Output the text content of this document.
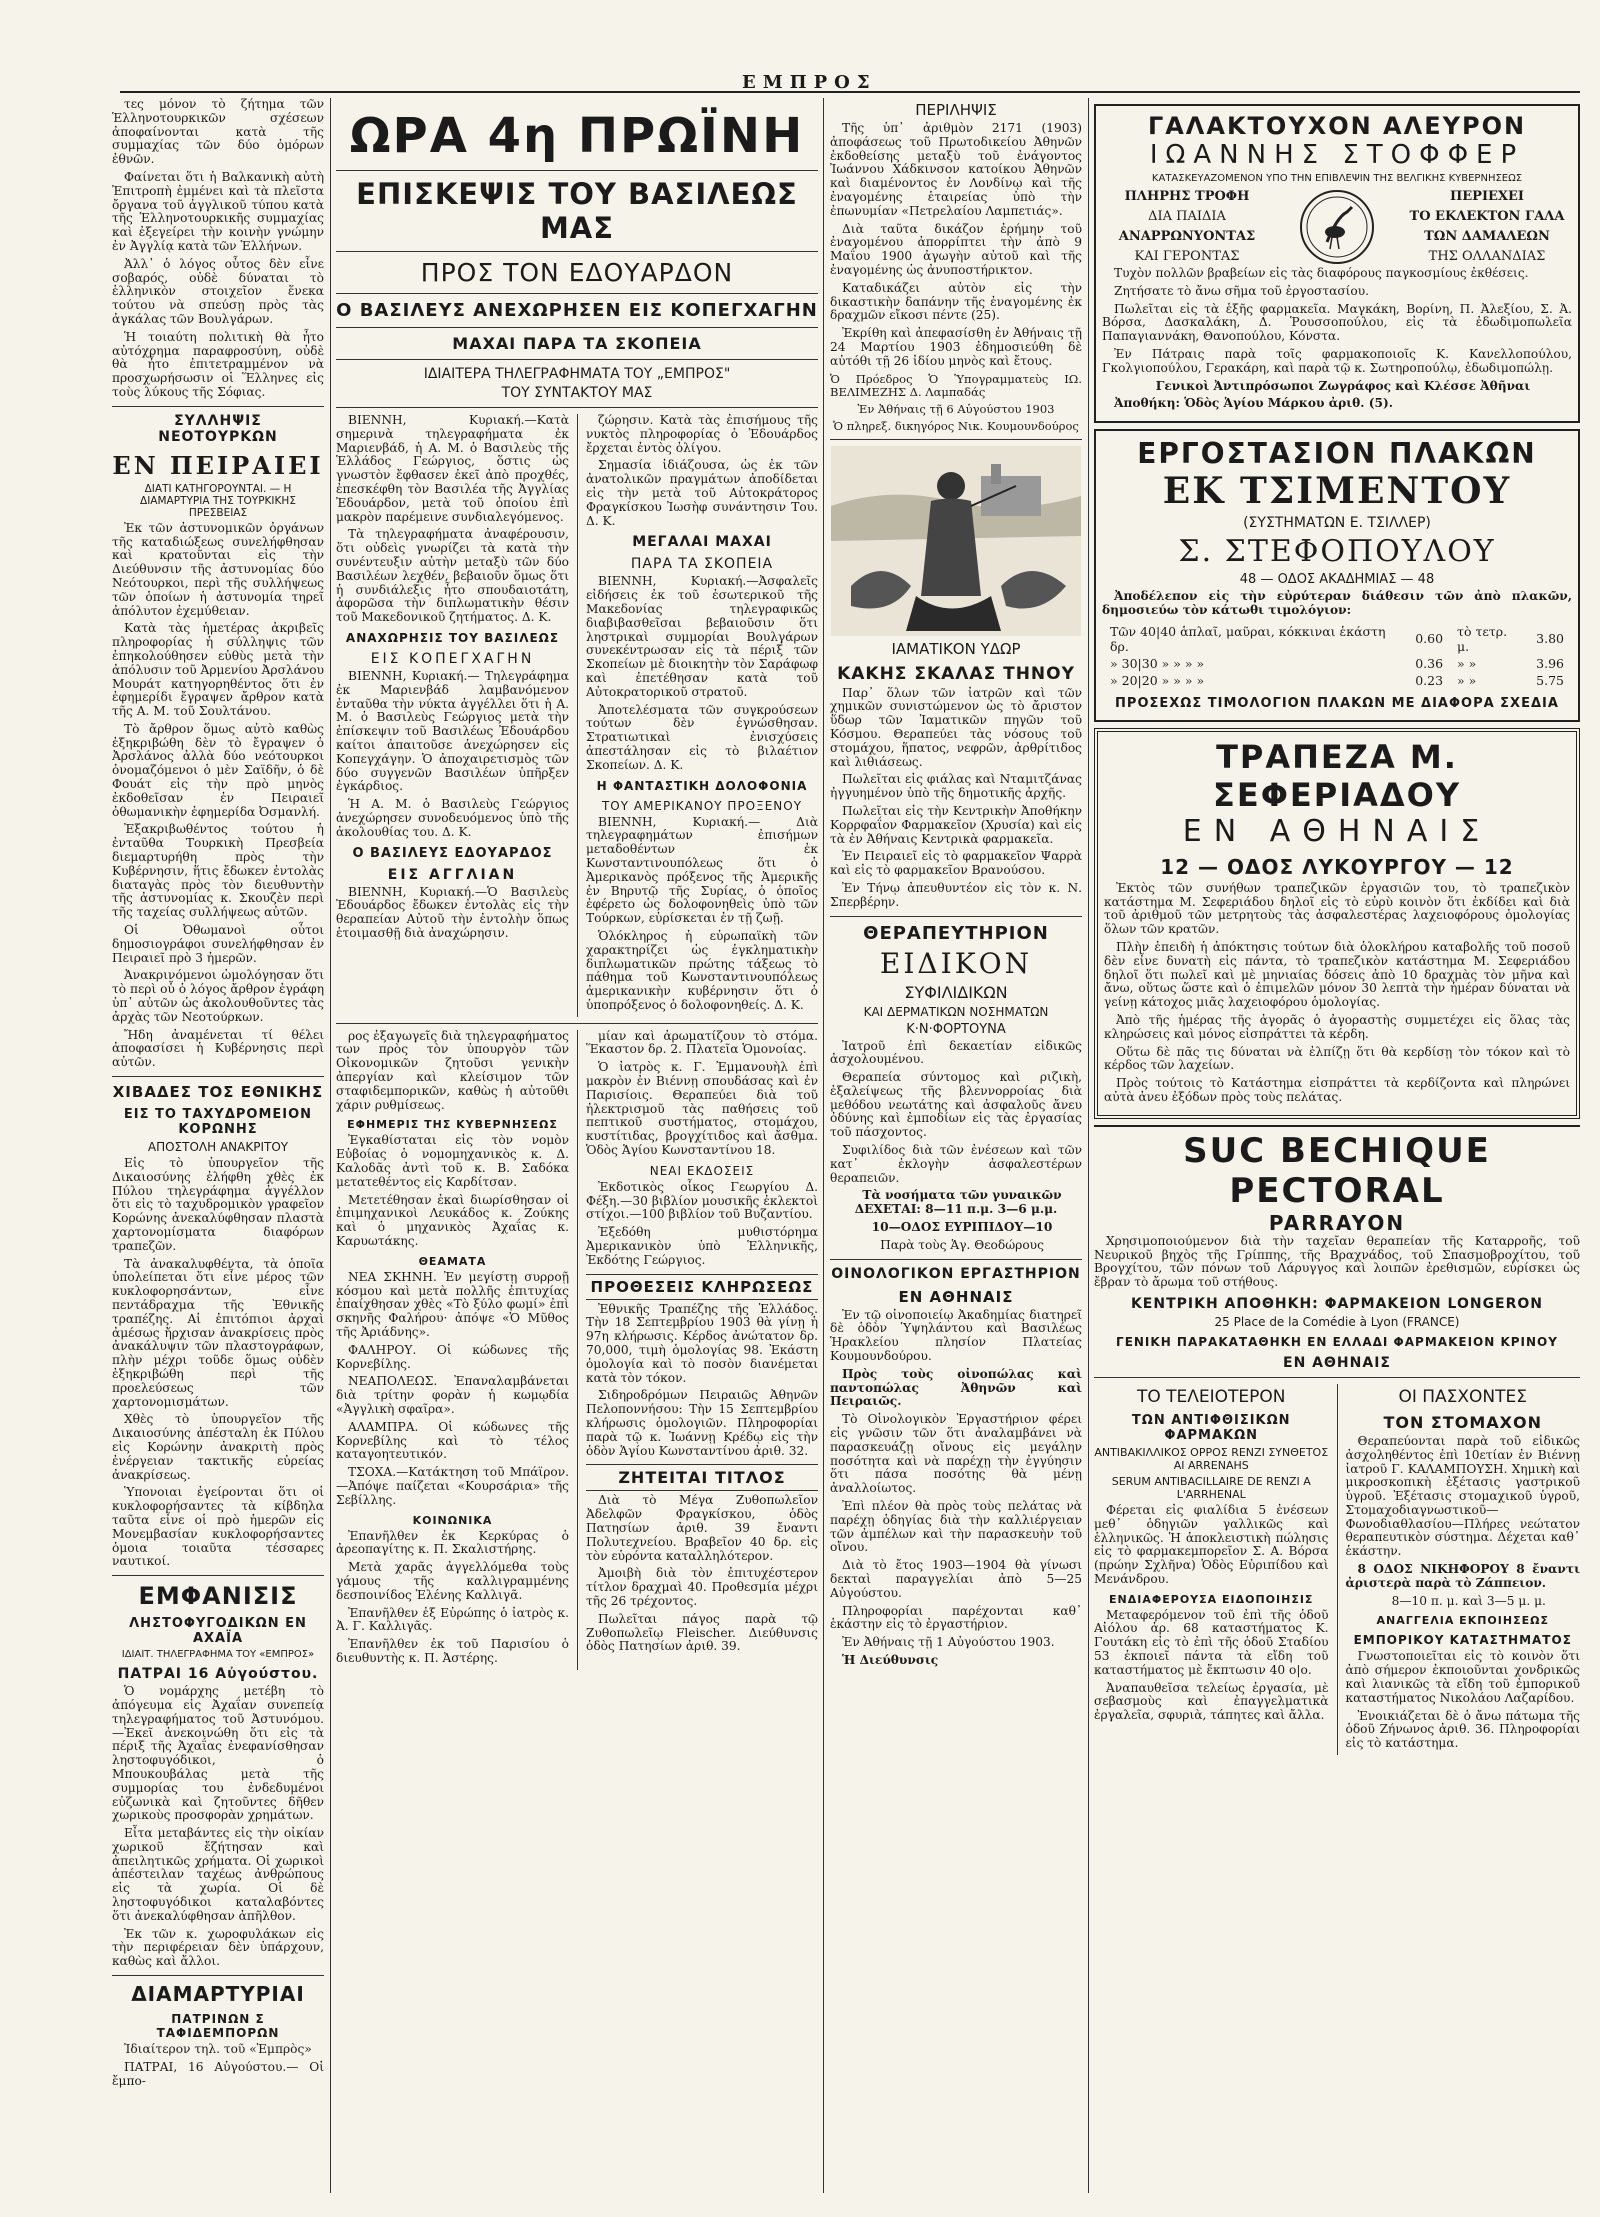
ΕΜΠΡΟΣ

τες μόνον τὸ ζήτημα τῶν Ἑλληνοτουρκικῶν σχέσεων ἀποφαίνονται κατὰ τῆς συμμαχίας τῶν δύο ὁμόρων ἐθνῶν.

Φαίνεται ὅτι ἡ Βαλκανικὴ αὐτὴ Ἐπιτροπὴ ἐμμένει καὶ τὰ πλεῖστα ὄργανα τοῦ ἀγγλικοῦ τύπου κατὰ τῆς Ἑλληνοτουρκικῆς συμμαχίας καὶ ἐξεγείρει τὴν κοινὴν γνώμην ἐν Ἀγγλίᾳ κατὰ τῶν Ἑλλήνων.

Ἀλλ᾽ ὁ λόγος οὗτος δὲν εἶνε σοβαρός, οὐδὲ δύναται τὸ ἑλληνικὸν στοιχεῖον ἕνεκα τούτου νὰ σπεύσῃ πρὸς τὰς ἀγκάλας τῶν Βουλγάρων.

Ἡ τοιαύτη πολιτικὴ θὰ ἦτο αὐτόχρημα παραφροσύνη, οὐδὲ θὰ ἦτο ἐπιτετραμμένον νὰ προσχωρήσωσιν οἱ Ἕλληνες εἰς τοὺς λύκους τῆς Σόφιας.

ΣΥΛΛΗΨΙΣ ΝΕΟΤΟΥΡΚΩΝ
ΕΝ ΠΕΙΡΑΙΕΙ
ΔΙΑΤΙ ΚΑΤΗΓΟΡΟΥΝΤΑΙ. — Η ΔΙΑΜΑΡΤΥΡΙΑ ΤΗΣ ΤΟΥΡΚΙΚΗΣ ΠΡΕΣΒΕΙΑΣ

Ἐκ τῶν ἀστυνομικῶν ὀργάνων τῆς καταδιώξεως συνελήφθησαν καὶ κρατοῦνται εἰς τὴν Διεύθυνσιν τῆς ἀστυνομίας δύο Νεότουρκοι, περὶ τῆς συλλήψεως τῶν ὁποίων ἡ ἀστυνομία τηρεῖ ἀπόλυτον ἐχεμύθειαν.

Κατὰ τὰς ἡμετέρας ἀκριβεῖς πληροφορίας ἡ σύλληψις τῶν ἐπηκολούθησεν εὐθὺς μετὰ τὴν ἀπόλυσιν τοῦ Ἀρμενίου Ἀρσλάνου Μουράτ κατηγορηθέντος ὅτι ἐν ἐφημερίδι ἔγραψεν ἄρθρον κατὰ τῆς Α. Μ. τοῦ Σουλτάνου.

Τὸ ἄρθρον ὅμως αὐτὸ καθὼς ἐξηκριβώθη δὲν τὸ ἔγραψεν ὁ Ἀρσλάνος ἀλλὰ δύο νεότουρκοι ὀνομαζόμενοι ὁ μὲν Σαϊδῆν, ὁ δὲ Φουάτ εἰς τὴν πρὸ μηνὸς ἐκδοθεῖσαν ἐν Πειραιεῖ ὀθωμανικὴν ἐφημερίδα Ὀσμανλή.

Ἐξακριβωθέντος τούτου ἡ ἐνταῦθα Τουρκικὴ Πρεσβεία διεμαρτυρήθη πρὸς τὴν Κυβέρνησιν, ἥτις ἔδωκεν ἐντολὰς διαταγὰς πρὸς τὸν διευθυντὴν τῆς ἀστυνομίας κ. Σκουζὲν περὶ τῆς ταχείας συλλήψεως αὐτῶν.

Οἱ Ὀθωμανοὶ οὗτοι δημοσιογράφοι συνελήφθησαν ἐν Πειραιεῖ πρὸ 3 ἡμερῶν.

Ἀνακρινόμενοι ὡμολόγησαν ὅτι τὸ περὶ οὗ ὁ λόγος ἄρθρον ἐγράφη ὑπ᾽ αὐτῶν ὡς ἀκολουθοῦντες τὰς ἀρχὰς τῶν Νεοτούρκων.

Ἤδη ἀναμένεται τί θέλει ἀποφασίσει ἡ Κυβέρνησις περὶ αὐτῶν.

ΧΙΒΑΔΕΣ ΤΟΣ ΕΘΝΙΚΗΣ
ΕΙΣ ΤΟ ΤΑΧΥΔΡΟΜΕΙΟΝ ΚΟΡΩΝΗΣ
ΑΠΟΣΤΟΛΗ ΑΝΑΚΡΙΤΟΥ

Εἰς τὸ ὑπουργεῖον τῆς Δικαιοσύνης ἐλήφθη χθὲς ἐκ Πύλου τηλεγράφημα ἀγγέλλον ὅτι εἰς τὸ ταχυδρομικὸν γραφεῖον Κορώνης ἀνεκαλύφθησαν πλαστὰ χαρτονομίσματα διαφόρων τραπεζῶν.

Τὰ ἀνακαλυφθέντα, τὰ ὁποῖα ὑπολείπεται ὅτι εἶνε μέρος τῶν κυκλοφορησάντων, εἶνε πεντάδραχμα τῆς Ἐθνικῆς τραπέζης. Αἱ ἐπιτόπιοι ἀρχαὶ ἀμέσως ἤρχισαν ἀνακρίσεις πρὸς ἀνακάλυψιν τῶν πλαστογράφων, πλὴν μέχρι τοῦδε ὅμως οὐδὲν ἐξηκριβώθη περὶ τῆς προελεύσεως τῶν χαρτονομισμάτων.

Χθὲς τὸ ὑπουργεῖον τῆς Δικαιοσύνης ἀπέσταλη ἐκ Πύλου εἰς Κορώνην ἀνακριτὴ πρὸς ἐνέργειαν τακτικῆς εὐρείας ἀνακρίσεως.

Ὑπονοιαι ἐγείρονται ὅτι οἱ κυκλοφορήσαντες τὰ κίβδηλα ταῦτα εἶνε οἱ πρὸ ἡμερῶν εἰς Μονεμβασίαν κυκλοφορήσαντες ὁμοια τοιαῦτα τέσσαρες ναυτικοί.

ΕΜΦΑΝΙΣΙΣ
ΛΗΣΤΟΦΥΓΟΔΙΚΩΝ ΕΝ ΑΧΑΪΑ
ΙΔΙΑΙΤ. ΤΗΛΕΓΡΑΦΗΜΑ ΤΟΥ «ΕΜΠΡΟΣ»
ΠΑΤΡΑΙ 16 Αὐγούστου.

Ὁ νομάρχης μετέβη τὸ ἀπόγευμα εἰς Ἀχαΐαν συνεπείᾳ τηλεγραφήματος τοῦ Ἀστυνόμου.—Ἐκεῖ ἀνεκοινώθη ὅτι εἰς τὰ πέριξ τῆς Ἀχαΐας ἐνεφανίσθησαν ληστοφυγόδικοι, ὁ Μπουκουβάλας μετὰ τῆς συμμορίας του ἐνδεδυμένοι εὐζωνικὰ καὶ ζητοῦντες δῆθεν χωρικοὺς προσφορὰν χρημάτων.

Εἶτα μεταβάντες εἰς τὴν οἰκίαν χωρικοῦ ἔζήτησαν καὶ ἀπειλητικῶς χρήματα. Οἱ χωρικοὶ ἀπέστειλαν ταχέως ἀνθρώπους εἰς τὰ χωρία. Οἱ δὲ ληστοφυγόδικοι καταλαβόντες ὅτι ἀνεκαλύφθησαν ἀπῆλθον.

Ἐκ τῶν κ. χωροφυλάκων εἰς τὴν περιφέρειαν δὲν ὑπάρχουν, καθὼς καὶ ἄλλοι.

ΔΙΑΜΑΡΤΥΡΙΑΙ
ΠΑΤΡΙΝΩΝ Σ ΤΑΦΙΔΕΜΠΟΡΩΝ

Ἰδιαίτερον τηλ. τοῦ «Ἐμπρὸς»

ΠΑΤΡΑΙ, 16 Αὐγούστου.— Οἱ ἔμπο-

ΩΡΑ 4η ΠΡΩΪΝΗ
ΕΠΙΣΚΕΨΙΣ ΤΟΥ ΒΑΣΙΛΕΩΣ ΜΑΣ
ΠΡΟΣ ΤΟΝ ΕΔΟΥΑΡΔΟΝ
Ο ΒΑΣΙΛΕΥΣ ΑΝΕΧΩΡΗΣΕΝ ΕΙΣ ΚΟΠΕΓΧΑΓΗΝ
ΜΑΧΑΙ ΠΑΡΑ ΤΑ ΣΚΟΠΕΙΑ
ΙΔΙΑΙΤΕΡΑ ΤΗΛΕΓΡΑΦΗΜΑΤΑ ΤΟΥ „ΕΜΠΡΟΣ"
ΤΟΥ ΣΥΝΤΑΚΤΟΥ ΜΑΣ

ΒΙΕΝΝΗ, Κυριακή.—Κατὰ σημερινὰ τηλεγραφήματα ἐκ Μαριενβάδ, ἡ Α. Μ. ὁ Βασιλεὺς τῆς Ἑλλάδος Γεώργιος, ὅστις ὡς γνωστὸν ἔφθασεν ἐκεῖ ἀπὸ προχθές, ἐπεσκέφθη τὸν Βασιλέα τῆς Ἀγγλίας Ἐδουάρδον, μετὰ τοῦ ὁποίου ἐπὶ μακρὸν παρέμεινε συνδιαλεγόμενος.

Τὰ τηλεγραφήματα ἀναφέρουσιν, ὅτι οὐδεὶς γνωρίζει τὰ κατὰ τὴν συνέντευξιν αὐτὴν μεταξὺ τῶν δύο Βασιλέων λεχθέν, βεβαιοῦν ὅμως ὅτι ἡ συνδιάλεξις ἦτο σπουδαιοτάτη, ἀφορῶσα τὴν διπλωματικὴν θέσιν τοῦ Μακεδονικοῦ ζητήματος. Δ. Κ.

ΑΝΑΧΩΡΗΣΙΣ ΤΟΥ ΒΑΣΙΛΕΩΣ
ΕΙΣ ΚΟΠΕΓΧΑΓΗΝ

ΒΙΕΝΝΗ, Κυριακή.— Τηλεγράφημα ἐκ Μαριενβάδ λαμβανόμενον ἐνταῦθα τὴν νύκτα ἀγγέλλει ὅτι ἡ Α. Μ. ὁ Βασιλεὺς Γεώργιος μετὰ τὴν ἐπίσκεψιν τοῦ Βασιλέως Ἐδουάρδου καίτοι ἀπαιτοῦσε ἀνεχώρησεν εἰς Κοπεγχάγην. Ὁ ἀποχαιρετισμὸς τῶν δύο συγγενῶν Βασιλέων ὑπῆρξεν ἐγκάρδιος.

Ἡ Α. Μ. ὁ Βασιλεὺς Γεώργιος ἀνεχώρησεν συνοδευόμενος ὑπὸ τῆς ἀκολουθίας του. Δ. Κ.

Ο ΒΑΣΙΛΕΥΣ ΕΔΟΥΑΡΔΟΣ
ΕΙΣ ΑΓΓΛΙΑΝ

ΒΙΕΝΝΗ, Κυριακή.—Ὁ Βασιλεὺς Ἐδουάρδος ἔδωκεν ἐντολὰς εἰς τὴν θεραπείαν Αὐτοῦ τὴν ἐντολὴν ὅπως ἑτοιμασθῇ διὰ ἀναχώρησιν.

ζώρησιν. Κατὰ τὰς ἐπισήμους τῆς νυκτὸς πληροφορίας ὁ Ἐδουάρδος ἔρχεται ἐντὸς ὀλίγου.

Σημασία ἰδιάζουσα, ὡς ἐκ τῶν ἀνατολικῶν πραγμάτων ἀποδίδεται εἰς τὴν μετὰ τοῦ Αὐτοκράτορος Φραγκίσκου Ἰωσὴφ συνάντησιν Του. Δ. Κ.

ΜΕΓΑΛΑΙ ΜΑΧΑΙ
ΠΑΡΑ ΤΑ ΣΚΟΠΕΙΑ

ΒΙΕΝΝΗ, Κυριακή.—Ἀσφαλεῖς εἰδήσεις ἐκ τοῦ ἐσωτερικοῦ τῆς Μακεδονίας τηλεγραφικῶς διαβιβασθεῖσαι βεβαιοῦσιν ὅτι ληστρικαὶ συμμορίαι Βουλγάρων συνεκέντρωσαν εἰς τὰ πέριξ τῶν Σκοπείων μὲ διοικητὴν τὸν Σαράφωφ καὶ ἐπετέθησαν κατὰ τοῦ Αὐτοκρατορικοῦ στρατοῦ.

Ἀποτελέσματα τῶν συγκρούσεων τούτων δὲν ἐγνώσθησαν. Στρατιωτικαὶ ἐνισχύσεις ἀπεστάλησαν εἰς τὸ βιλαέτιον Σκοπείων. Δ. Κ.

Η ΦΑΝΤΑΣΤΙΚΗ ΔΟΛΟΦΟΝΙΑ
ΤΟΥ ΑΜΕΡΙΚΑΝΟΥ ΠΡΟΞΕΝΟΥ

ΒΙΕΝΝΗ, Κυριακή.— Διὰ τηλεγραφημάτων ἐπισήμων μεταδοθέντων ἐκ Κωνσταντινουπόλεως ὅτι ὁ Ἀμερικανὸς πρόξενος τῆς Ἀμερικῆς ἐν Βηρυτῷ τῆς Συρίας, ὁ ὁποῖος ἐφέρετο ὡς δολοφονηθεὶς ὑπὸ τῶν Τούρκων, εὑρίσκεται ἐν τῇ ζωῇ.

Ὁλόκληρος ἡ εὐρωπαϊκὴ τῶν χαρακτηρίζει ὡς ἐγκληματικὴν διπλωματικῶν πρώτης τάξεως τὸ πάθημα τοῦ Κωνσταντινουπόλεως ἀμερικανικὴν κυβέρνησιν ὅτι ὁ ὑποπρόξενος ὁ δολοφονηθείς. Δ. Κ.

ρος ἐξαγωγεῖς διὰ τηλεγραφήματος των πρὸς τὸν ὑπουργὸν τῶν Οἰκονομικῶν ζητοῦσι γενικὴν ἀπεργίαν καὶ κλείσιμον τῶν σταφιδεμπορικῶν, καθὼς ἡ αὐτοῦθι χάριν ρυθμίσεως.

ΕΦΗΜΕΡΙΣ ΤΗΣ ΚΥΒΕΡΝΗΣΕΩΣ

Ἐγκαθίσταται εἰς τὸν νομὸν Εὐβοίας ὁ νομομηχανικὸς κ. Δ. Καλοδᾶς ἀντὶ τοῦ κ. Β. Σαδόκα μετατεθέντος εἰς Καρδίτσαν.

Μετετέθησαν ἐκαὶ διωρίσθησαν οἱ ἐπιμηχανικοὶ Λευκάδος κ. Ζούκης καὶ ὁ μηχανικὸς Ἀχαΐας κ. Καρυωτάκης.

ΘΕΑΜΑΤΑ

ΝΕΑ ΣΚΗΝΗ. Ἐν μεγίστῃ συρροῇ κόσμου καὶ μετὰ πολλῆς ἐπιτυχίας ἐπαίχθησαν χθὲς «Τὸ ξύλο φωμί» ἐπὶ σκηνῆς Φαλήρου· ἀπόψε «Ὁ Μῦθος τῆς Ἀριάδνης».

ΦΑΛΗΡΟΥ. Οἱ κώδωνες τῆς Κορνεβίλης.

ΝΕΑΠΟΛΕΩΣ. Ἐπαναλαμβάνεται διὰ τρίτην φορὰν ἡ κωμῳδία «Ἀγγλικὴ σφαῖρα».

ΑΛΑΜΠΡΑ. Οἱ κώδωνες τῆς Κορνεβίλης καὶ τὸ τέλος καταγοητευτικόν.

ΤΣΟΧΑ.—Κατάκτηση τοῦ Μπάϊρον.—Ἀπόψε παίζεται «Κουρσάρια» τῆς Σεβίλλης.

ΚΟΙΝΩΝΙΚΑ

Ἐπανῆλθεν ἐκ Κερκύρας ὁ ἀρεοπαγίτης κ. Π. Σκαλιστήρης.

Μετὰ χαρᾶς ἀγγελλόμεθα τοὺς γάμους τῆς καλλιγραμμένης δεσποινίδος Ἑλένης Καλλιγᾶ.

Ἐπανῆλθεν ἐξ Εὐρώπης ὁ ἰατρὸς κ. Ἀ. Γ. Καλλιγᾶς.

Ἐπανῆλθεν ἐκ τοῦ Παρισίου ὁ διευθυντὴς κ. Π. Ἀστέρης.

μίαν καὶ ἀρωματίζουν τὸ στόμα. Ἕκαστον δρ. 2. Πλατεῖα Ὁμονοίας.

Ὁ ἰατρὸς κ. Γ. Ἐμμανουὴλ ἐπὶ μακρὸν ἐν Βιέννῃ σπουδάσας καὶ ἐν Παρισίοις. Θεραπεύει διὰ τοῦ ἠλεκτρισμοῦ τὰς παθήσεις τοῦ πεπτικοῦ συστήματος, στομάχου, κυστίτιδας, βρογχίτιδος καὶ ἄσθμα. Ὁδὸς Ἁγίου Κωνσταντίνου 18.

ΝΕΑΙ ΕΚΔΟΣΕΙΣ

Ἐκδοτικὸς οἶκος Γεωργίου Δ. Φέξη.—30 βιβλίον μουσικῆς ἐκλεκτοὶ στίχοι.—100 βιβλίον τοῦ Βυζαντίου.

Ἐξεδόθη μυθιστόρημα Ἀμερικανικὸν ὑπὸ Ἑλληνικῆς, Ἐκδότης Γεώργιος.

ΠΡΟΘΕΣΕΙΣ ΚΛΗΡΩΣΕΩΣ

Ἐθνικῆς Τραπέζης τῆς Ἑλλάδος. Τὴν 18 Σεπτεμβρίου 1903 θὰ γίνῃ ἡ 97η κλήρωσις. Κέρδος ἀνώτατον δρ. 70,000, τιμὴ ὁμολογίας 98. Ἐκάστη ὁμολογία καὶ τὸ ποσὸν διανέμεται κατὰ τὸν τόκον.

Σιδηροδρόμων Πειραιῶς Ἀθηνῶν Πελοποννήσου: Τὴν 15 Σεπτεμβρίου κλήρωσις ὁμολογιῶν. Πληροφορίαι παρὰ τῷ κ. Ἰωάννῃ Κρέδῳ εἰς τὴν ὁδὸν Ἁγίου Κωνσταντίνου ἀριθ. 32.

ΖΗΤΕΙΤΑΙ ΤΙΤΛΟΣ

Διὰ τὸ Μέγα Ζυθοπωλεῖον Ἀδελφῶν Φραγκίσκου, ὁδὸς Πατησίων ἀριθ. 39 ἔναντι Πολυτεχνείου. Βραβεῖον 40 δρ. εἰς τὸν εὑρόντα καταλληλότερον.

Ἀμοιβὴ διὰ τὸν ἐπιτυχέστερον τίτλον δραχμαὶ 40. Προθεσμία μέχρι τῆς 26 τρέχοντος.

Πωλεῖται πάγος παρὰ τῷ Ζυθοπωλεῖῳ Fleischer. Διεύθυνσις ὁδὸς Πατησίων ἀριθ. 39.

ΠΕΡΙΛΗΨΙΣ

Τῆς ὑπ᾽ ἀριθμὸν 2171 (1903) ἀποφάσεως τοῦ Πρωτοδικείου Ἀθηνῶν ἐκδοθείσης μεταξὺ τοῦ ἐνάγοντος Ἰωάννου Χάδκινσον κατοίκου Ἀθηνῶν καὶ διαμένοντος ἐν Λονδίνῳ καὶ τῆς ἐναγομένης ἑταιρείας ὑπὸ τὴν ἐπωνυμίαν «Πετρελαίου Λαμπετιάς».

Διὰ ταῦτα δικάζον ἐρήμην τοῦ ἐναγομένου ἀπορρίπτει τὴν ἀπὸ 9 Μαΐου 1900 ἀγωγὴν αὐτοῦ καὶ τῆς ἐναγομένης ὡς ἀνυποστήρικτον.

Καταδικάζει αὐτὸν εἰς τὴν δικαστικὴν δαπάνην τῆς ἐναγομένης ἐκ δραχμῶν εἴκοσι πέντε (25).

Ἐκρίθη καὶ ἀπεφασίσθη ἐν Ἀθήναις τῇ 24 Μαρτίου 1903 ἐδημοσιεύθη δὲ αὐτόθι τῇ 26 ἰδίου μηνὸς καὶ ἔτους.

Ὁ Πρόεδρος Ὁ Ὑπογραμματεὺς ΙΩ. ΒΕΛΙΜΕΖΗΣ Δ. Λαμπαδάς

Ἐν Ἀθήναις τῇ 6 Αὐγούστου 1903

Ὁ πληρεξ. δικηγόρος Νικ. Κουμουνδούρος

ΙΑΜΑΤΙΚΟΝ ΥΔΩΡ
ΚΑΚΗΣ ΣΚΑΛΑΣ ΤΗΝΟΥ

Παρ᾽ ὅλων τῶν ἰατρῶν καὶ τῶν χημικῶν συνιστώμενον ὡς τὸ ἄριστον ὕδωρ τῶν Ἰαματικῶν πηγῶν τοῦ Κόσμου. Θεραπεύει τὰς νόσους τοῦ στομάχου, ἥπατος, νεφρῶν, ἀρθρίτιδος καὶ λιθιάσεως.

Πωλεῖται εἰς φιάλας καὶ Νταμιτζάνας ἠγγυημένον ὑπὸ τῆς δημοτικῆς ἀρχῆς.

Πωλεῖται εἰς τὴν Κεντρικὴν Ἀποθήκην Κορρφαΐον Φαρμακεῖον (Χρυσία) καὶ εἰς τὰ ἐν Ἀθήναις Κεντρικὰ φαρμακεῖα.

Ἐν Πειραιεῖ εἰς τὸ φαρμακεῖον Ψαρρὰ καὶ εἰς τὸ φαρμακεῖον Βρανούσου.

Ἐν Τήνῳ ἀπευθυντέον εἰς τὸν κ. Ν. Σπερβέρην.

ΘΕΡΑΠΕΥΤΗΡΙΟΝ
ΕΙΔΙΚΟΝ
ΣΥΦΙΛΙΔΙΚΩΝ
ΚΑΙ ΔΕΡΜΑΤΙΚΩΝ ΝΟΣΗΜΑΤΩΝ
Κ·Ν·ΦΟΡΤΟΥΝΑ

Ἰατροῦ ἐπὶ δεκαετίαν εἰδικῶς ἀσχολουμένου.

Θεραπεία σύντομος καὶ ριζικὴ, ἐξαλείψεως τῆς βλεννορροίας διὰ μεθόδου νεωτάτης καὶ ἀσφαλοῦς ἄνευ ὀδύνης καὶ ἐμποδίων εἰς τὰς ἐργασίας τοῦ πάσχοντος.

Συφιλίδος διὰ τῶν ἐνέσεων καὶ τῶν κατ᾽ ἐκλογὴν ἀσφαλεστέρων θεραπειῶν.

Τὰ νοσήματα τῶν γυναικῶν ΔΕΧΕΤΑΙ: 8—11 π.μ. 3—6 μ.μ.

10—ΟΔΟΣ ΕΥΡΙΠΙΔΟΥ—10

Παρὰ τοὺς Ἁγ. Θεοδώρους

ΟΙΝΟΛΟΓΙΚΟΝ ΕΡΓΑΣΤΗΡΙΟΝ
ΕΝ ΑΘΗΝΑΙΣ

Ἐν τῷ οἰνοποιείῳ Ἀκαδημίας διατηρεῖ δὲ ὁδὸν Ὑψηλάντου καὶ Βασιλέως Ἡρακλείου πλησίον Πλατείας Κουμουνδούρου.

Πρὸς τοὺς οἰνοπώλας καὶ παντοπώλας Ἀθηνῶν καὶ Πειραιῶς.

Τὸ Οἰνολογικὸν Ἐργαστήριον φέρει εἰς γνῶσιν τῶν ὅτι ἀναλαμβάνει νὰ παρασκευάζῃ οἴνους εἰς μεγάλην ποσότητα καὶ νὰ παρέχῃ τὴν ἐγγύησιν ὅτι πάσα ποσότης θὰ μένῃ ἀναλλοίωτος.

Ἐπὶ πλέον θὰ πρὸς τοὺς πελάτας νὰ παρέχῃ ὁδηγίας διὰ τὴν καλλιέργειαν τῶν ἀμπέλων καὶ τὴν παρασκευὴν τοῦ οἴνου.

Διὰ τὸ ἔτος 1903—1904 θὰ γίνωσι δεκταὶ παραγγελίαι ἀπὸ 5—25 Αὐγούστου.

Πληροφορίαι παρέχονται καθ᾽ ἑκάστην εἰς τὸ ἐργαστήριον.

Ἐν Ἀθήναις τῇ 1 Αὐγούστου 1903.

Ἡ Διεύθυνσις

ΓΑΛΑΚΤΟΥΧΟΝ ΑΛΕΥΡΟΝ
ΙΩΑΝΝΗΣ ΣΤΟΦΦΕΡ
ΚΑΤΑΣΚΕΥΑΖΟΜΕΝΟΝ ΥΠΟ ΤΗΝ ΕΠΙΒΛΕΨΙΝ ΤΗΣ ΒΕΛΓΙΚΗΣ ΚΥΒΕΡΝΗΣΕΩΣ
ΠΛΗΡΗΣ ΤΡΟΦΗ
ΔΙΑ ΠΑΙΔΙΑ
ΑΝΑΡΡΩΝΥΟΝΤΑΣ
ΚΑΙ ΓΕΡΟΝΤΑΣ
ΠΕΡΙΕΧΕΙ
ΤΟ ΕΚΛΕΚΤΟΝ ΓΑΛΑ
ΤΩΝ ΔΑΜΑΛΕΩΝ
ΤΗΣ ΟΛΛΑΝΔΙΑΣ

Τυχὸν πολλῶν βραβείων εἰς τὰς διαφόρους παγκοσμίους ἐκθέσεις.

Ζητήσατε τὸ ἄνω σῆμα τοῦ ἐργοστασίου.

Πωλεῖται εἰς τὰ ἑξῆς φαρμακεῖα. Μαγκάκη, Βορίνη, Π. Ἀλεξίου, Σ. Ἀ. Βόρσα, Δασκαλάκη, Δ. Ῥουσσοπούλου, εἰς τὰ ἐδωδιμοπωλεῖα Παπαγιαννάκη, Θανοπούλου, Κόνστα.

Ἐν Πάτραις παρὰ τοῖς φαρμακοποιοῖς Κ. Κανελλοπούλου, Γκολγιοπούλου, Γερακάρη, καὶ παρὰ τῷ κ. Σωτηροπούλῳ, ἐδωδιμοπώλῃ.

Γενικοὶ Ἀντιπρόσωποι Ζωγράφος καὶ Κλέσσε Ἀθῆναι

Ἀποθήκη: Ὁδὸς Ἁγίου Μάρκου ἀριθ. (5).

ΕΡΓΟΣΤΑΣΙΟΝ ΠΛΑΚΩΝ
ΕΚ ΤΣΙΜΕΝΤΟΥ
(ΣΥΣΤΗΜΑΤΩΝ Ε. ΤΣΙΛΛΕΡ)
Σ. ΣΤΕΦΟΠΟΥΛΟΥ
48 — ΟΔΟΣ ΑΚΑΔΗΜΙΑΣ — 48

Ἀποδέλεπον εἰς τὴν εὐρύτεραν διάθεσιν τῶν ἀπὸ πλακῶν, δημοσιεύω τὸν κάτωθι τιμολόγιον:

Τῶν 40|40 ἁπλαῖ, μαῦραι, κόκκιναι ἑκάστη δρ.	0.60	τὸ τετρ. μ.	3.80
» 30|30 » » » »	0.36	» »	3.96
» 20|20 » » » »	0.23	» »	5.75
ΠΡΟΣΕΧΩΣ ΤΙΜΟΛΟΓΙΟΝ ΠΛΑΚΩΝ ΜΕ ΔΙΑΦΟΡΑ ΣΧΕΔΙΑ
ΤΡΑΠΕΖΑ Μ. ΣΕΦΕΡΙΑΔΟΥ
ΕΝ ΑΘΗΝΑΙΣ
12 — ΟΔΟΣ ΛΥΚΟΥΡΓΟΥ — 12

Ἐκτὸς τῶν συνήθων τραπεζικῶν ἐργασιῶν του, τὸ τραπεζικὸν κατάστημα Μ. Σεφεριάδου δηλοῖ εἰς τὸ εὐρὺ κοινὸν ὅτι ἐκδίδει καὶ διὰ τοῦ ἀριθμοῦ τῶν μετρητοὺς τὰς ἀσφαλεστέρας λαχειοφόρους ὁμολογίας ὅλων τῶν κρατῶν.

Πλὴν ἐπειδὴ ἡ ἀπόκτησις τούτων διὰ ὁλοκλήρου καταβολῆς τοῦ ποσοῦ δὲν εἶνε δυνατὴ εἰς πάντα, τὸ τραπεζικὸν κατάστημα Μ. Σεφεριάδου δηλοῖ ὅτι πωλεῖ καὶ μὲ μηνιαίας δόσεις ἀπὸ 10 δραχμὰς τὸν μῆνα καὶ ἄνω, οὕτως ὥστε καὶ ὁ ἐπιμελῶν μόνον 30 λεπτὰ τὴν ἡμέραν δύναται νὰ γείνῃ κάτοχος μιᾶς λαχειοφόρου ὁμολογίας.

Ἀπὸ τῆς ἡμέρας τῆς ἀγορᾶς ὁ ἀγοραστὴς συμμετέχει εἰς ὅλας τὰς κληρώσεις καὶ μόνος εἰσπράττει τὰ κέρδη.

Οὕτω δὲ πᾶς τις δύναται νὰ ἐλπίζῃ ὅτι θὰ κερδίσῃ τὸν τόκον καὶ τὸ κέρδος τῶν λαχείων.

Πρὸς τούτοις τὸ Κατάστημα εἰσπράττει τὰ κερδίζοντα καὶ πληρώνει αὐτὰ ἀνευ ἐξόδων πρὸς τοὺς πελάτας.

SUC BECHIQUE PECTORAL
PARRAYON

Χρησιμοποιούμενον διὰ τὴν ταχεῖαν θεραπείαν τῆς Καταρροῆς, τοῦ Νευρικοῦ βηχὸς τῆς Γρίππης, τῆς Βραχνάδος, τοῦ Σπασμοβροχίτου, τοῦ Βρογχίτου, τῶν πόνων τοῦ Λάρυγγος καὶ λοιπῶν ἐρεθισμῶν, εὑρίσκει ὡς ἔβραν τὸ ἄρωμα τοῦ στήθους.

ΚΕΝΤΡΙΚΗ ΑΠΟΘΗΚΗ: ΦΑΡΜΑΚΕΙΟΝ LONGERON
25 Place de la Comédie à Lyon (FRANCE)
ΓΕΝΙΚΗ ΠΑΡΑΚΑΤΑΘΗΚΗ ΕΝ ΕΛΛΑΔΙ ΦΑΡΜΑΚΕΙΟΝ ΚΡΙΝΟΥ
ΕΝ ΑΘΗΝΑΙΣ
ΤΟ ΤΕΛΕΙΟΤΕΡΟΝ
ΤΩΝ ΑΝΤΙΦΘΙΣΙΚΩΝ ΦΑΡΜΑΚΩΝ
ΑΝΤΙΒΑΚΙΛΛΙΚΟΣ ΟΡΡΟΣ RENZI ΣΥΝΘΕΤΟΣ ΑΙ ARRENAHS
SERUM ANTIBACILLAIRE DE RENZI A L'ARRHENAL

Φέρεται εἰς φιαλίδια 5 ἐνέσεων μεθ᾽ ὁδηγιῶν γαλλικῶς καὶ ἑλληνικῶς. Ἡ ἀποκλειστικὴ πώλησις εἰς τὸ φαρμακεμπορεῖον Σ. Α. Βόρσα (πρώην Σχλῆνα) Ὁδὸς Εὐριπίδου καὶ Μενάνδρου.

ΕΝΔΙΑΦΕΡΟΥΣΑ ΕΙΔΟΠΟΙΗΣΙΣ

Μεταφερόμενον τοῦ ἐπὶ τῆς ὁδοῦ Αἰόλου ἀρ. 68 καταστήματος Κ. Γουτάκη εἰς τὸ ἐπὶ τῆς ὁδοῦ Σταδίου 53 ἐκποιεῖ πάντα τὰ εἴδη τοῦ καταστήματος μὲ ἔκπτωσιν 40 ο|ο.

Ἀναπαυθεῖσα τελείως ἐργασία, μὲ σεβασμοὺς καὶ ἐπαγγελματικὰ ἐργαλεῖα, σφυριὰ, τάπητες καὶ ἄλλα.

ΟΙ ΠΑΣΧΟΝΤΕΣ
ΤΟΝ ΣΤΟΜΑΧΟΝ

Θεραπεύονται παρὰ τοῦ εἰδικῶς ἀσχοληθέντος ἐπὶ 10ετίαν ἐν Βιέννῃ ἰατροῦ Γ. ΚΑΛΑΜΠΟΥΣΗ. Χημικὴ καὶ μικροσκοπικὴ ἐξέτασις γαστρικοῦ ὑγροῦ. Ἐξέτασις στομαχικοῦ ὑγροῦ, Στομαχοδιαγνωστικοῦ— Φωνοδιαθλασίου—Πλήρες νεώτατον θεραπευτικὸν σύστημα. Δέχεται καθ᾽ ἑκάστην.

8 ΟΔΟΣ ΝΙΚΗΦΟΡΟΥ 8 ἔναντι ἀριστερὰ παρὰ τὸ Ζάππειον.

8—10 π. μ. καὶ 3—5 μ. μ.

ΑΝΑΓΓΕΛΙΑ ΕΚΠΟΙΗΣΕΩΣ
ΕΜΠΟΡΙΚΟΥ ΚΑΤΑΣΤΗΜΑΤΟΣ

Γνωστοποιεῖται εἰς τὸ κοινὸν ὅτι ἀπὸ σήμερον ἐκποιοῦνται χονδρικῶς καὶ λιανικῶς τὰ εἴδη τοῦ ἐμπορικοῦ καταστήματος Νικολάου Λαζαρίδου.

Ἐνοικιάζεται δὲ ὁ ἄνω πάτωμα τῆς ὁδοῦ Ζήνωνος ἀριθ. 36. Πληροφορίαι εἰς τὸ κατάστημα.
